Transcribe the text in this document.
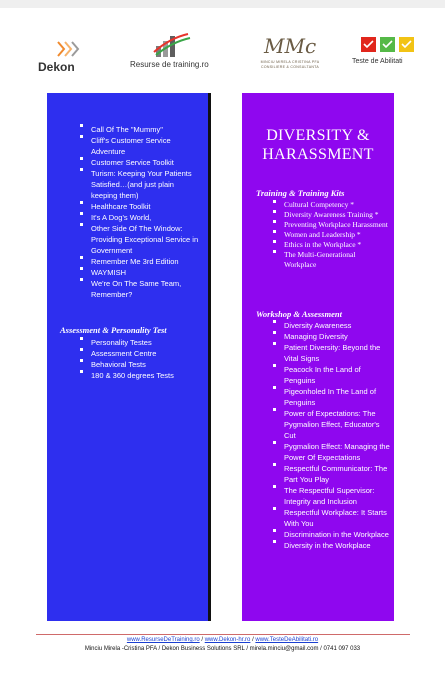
Dekon	Resurse de training.ro
MMc
MINCIU MIRELA CRISTINA PFA CONSILIERE & CONSULTANTA
Teste de Abilitati
Call Of The "Mummy"
Cliff's Customer Service Adventure
Customer Service Toolkit
Turism: Keeping Your Patients Satisfied…(and just plain keeping them)
Healthcare Toolkit
It's A Dog's World,
Other Side Of The Window: Providing Exceptional Service in Government
Remember Me 3rd Edition
WAYMISH
We're On The Same Team, Remember?
Assessment & Personality Test
Personality Testes
Assessment Centre
Behavioral Tests
180 & 360 degrees Tests
DIVERSITY & HARASSMENT
Training & Training Kits
Cultural Competency *
Diversity Awareness Training *
Preventing Workplace Harassment
Women and Leadership *
Ethics in the Workplace *
The Multi-Generational Workplace
Workshop & Assessment
Diversity Awareness
Managing Diversity
Patient Diversity: Beyond the Vital Signs
Peacock In the Land of Penguins
Pigeonholed In The Land of Penguins
Power of Expectations: The Pygmalion Effect, Educator's Cut
Pygmalion Effect: Managing the Power Of Expectations
Respectful Communicator: The Part You Play
The Respectful Supervisor: Integrity and Inclusion
Respectful Workplace: It Starts With You
Discrimination in the Workplace
Diversity in the Workplace
www.ResurseDeTraining.ro / www.Dekon-hr.ro / www.TesteDeAbilitati.ro
Minciu Mirela -Cristina PFA / Dekon Business Solutions SRL / mirela.minciu@gmail.com / 0741 097 033
